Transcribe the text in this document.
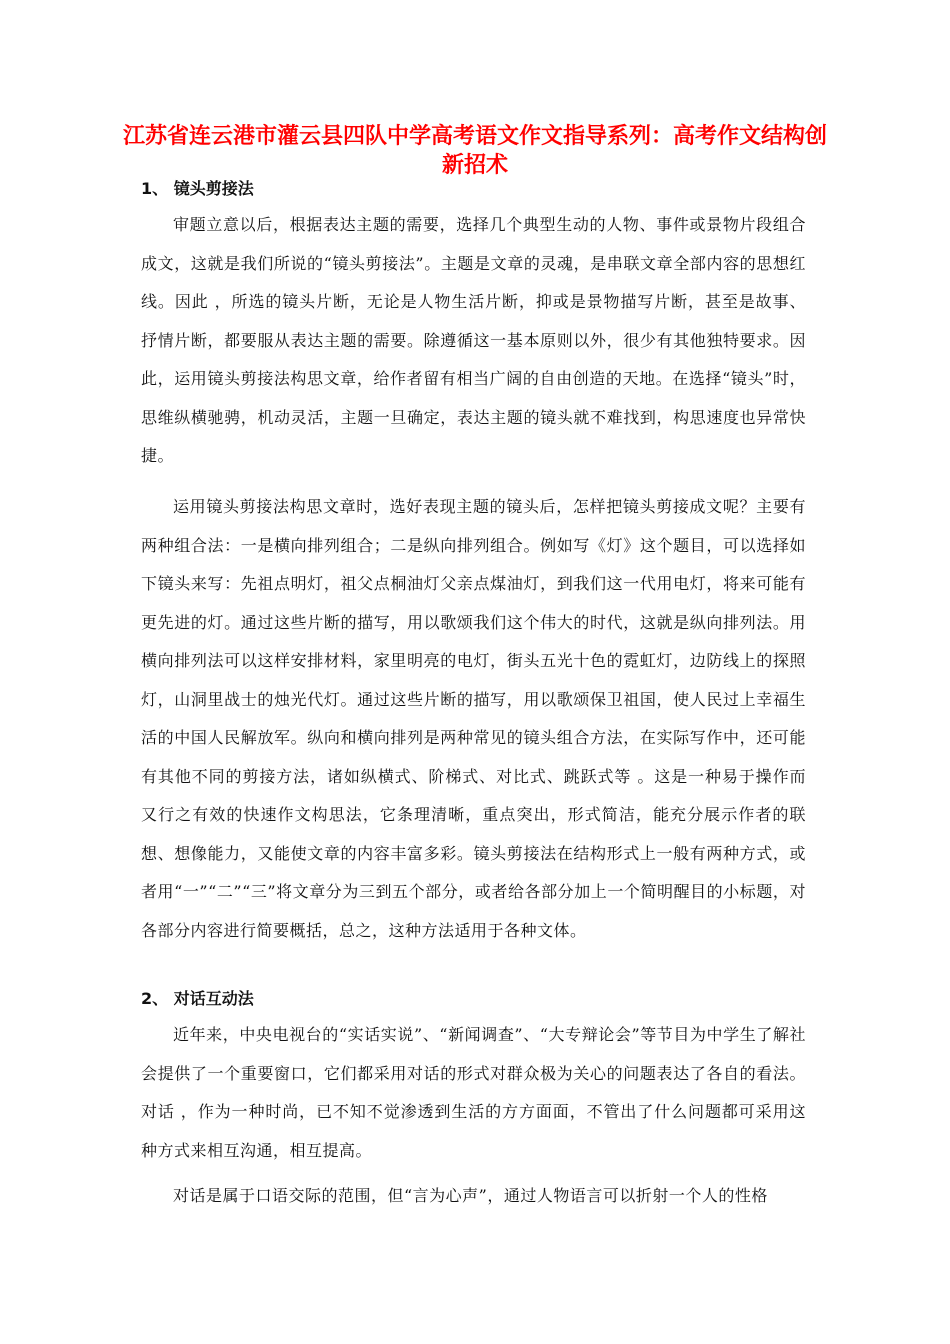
江苏省连云港市灌云县四队中学高考语文作文指导系列：高考作文结构创新招术
1、 镜头剪接法

审题立意以后，根据表达主题的需要，选择几个典型生动的人物、事件或景物片段组合成文，这就是我们所说的“镜头剪接法”。主题是文章的灵魂，是串联文章全部内容的思想红线。因此 ，所选的镜头片断，无论是人物生活片断，抑或是景物描写片断，甚至是故事、抒情片断，都要服从表达主题的需要。除遵循这一基本原则以外，很少有其他独特要求。因此，运用镜头剪接法构思文章，给作者留有相当广阔的自由创造的天地。在选择“镜头”时，思维纵横驰骋，机动灵活，主题一旦确定，表达主题的镜头就不难找到，构思速度也异常快捷。

运用镜头剪接法构思文章时，选好表现主题的镜头后，怎样把镜头剪接成文呢？主要有两种组合法：一是横向排列组合；二是纵向排列组合。例如写《灯》这个题目，可以选择如下镜头来写：先祖点明灯，祖父点桐油灯父亲点煤油灯，到我们这一代用电灯，将来可能有更先进的灯。通过这些片断的描写，用以歌颂我们这个伟大的时代，这就是纵向排列法。用横向排列法可以这样安排材料，家里明亮的电灯，街头五光十色的霓虹灯，边防线上的探照灯，山洞里战士的烛光代灯。通过这些片断的描写，用以歌颂保卫祖国，使人民过上幸福生活的中国人民解放军。纵向和横向排列是两种常见的镜头组合方法，在实际写作中，还可能有其他不同的剪接方法，诸如纵横式、阶梯式、对比式、跳跃式等 。这是一种易于操作而又行之有效的快速作文构思法，它条理清晰，重点突出，形式简洁，能充分展示作者的联想、想像能力，又能使文章的内容丰富多彩。镜头剪接法在结构形式上一般有两种方式，或者用“一”“二”“三”将文章分为三到五个部分，或者给各部分加上一个简明醒目的小标题，对各部分内容进行简要概括，总之，这种方法适用于各种文体。

2、 对话互动法

近年来，中央电视台的“实话实说”、“新闻调查”、“大专辩论会”等节目为中学生了解社会提供了一个重要窗口，它们都采用对话的形式对群众极为关心的问题表达了各自的看法。对话 ，作为一种时尚，已不知不觉渗透到生活的方方面面，不管出了什么问题都可采用这种方式来相互沟通，相互提高。

对话是属于口语交际的范围，但“言为心声”，通过人物语言可以折射一个人的性格
